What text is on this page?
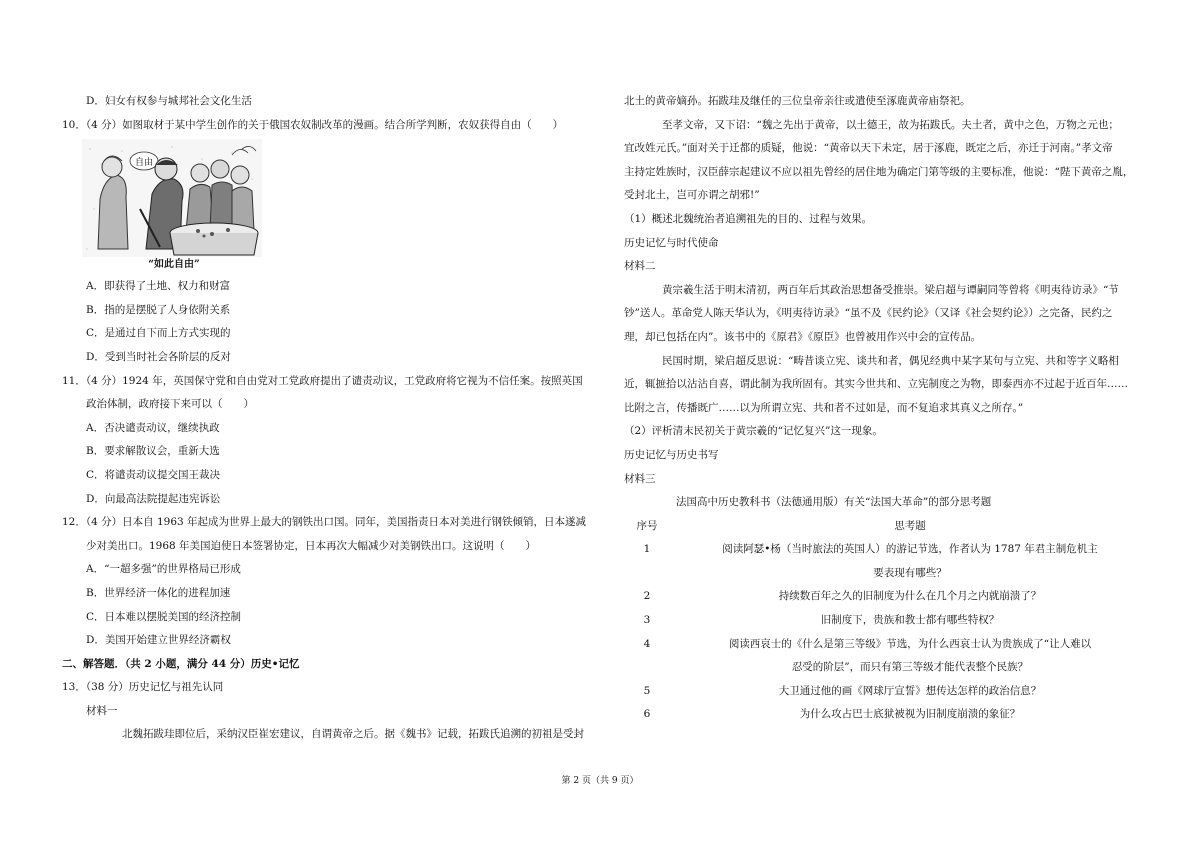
D．妇女有权参与城邦社会文化生活
10．（4 分）如图取材于某中学生创作的关于俄国农奴制改革的漫画。结合所学判断，农奴获得自由（　　）
自由
“如此自由”
A．即获得了土地、权力和财富
B．指的是摆脱了人身依附关系
C．是通过自下而上方式实现的
D．受到当时社会各阶层的反对
11．（4 分）1924 年，英国保守党和自由党对工党政府提出了谴责动议，工党政府将它视为不信任案。按照英国
政治体制，政府接下来可以（　　）
A．否决谴责动议，继续执政
B．要求解散议会，重新大选
C．将谴责动议提交国王裁决
D．向最高法院提起违宪诉讼
12．（4 分）日本自 1963 年起成为世界上最大的钢铁出口国。同年，美国指责日本对美进行钢铁倾销，日本遂减
少对美出口。1968 年美国迫使日本签署协定，日本再次大幅减少对美钢铁出口。这说明（　　）
A．“一超多强”的世界格局已形成
B．世界经济一体化的进程加速
C．日本难以摆脱美国的经济控制
D．美国开始建立世界经济霸权
二、解答题．（共 2 小题，满分 44 分）历史•记忆
13．（38 分）历史记忆与祖先认同
材料一
北魏拓跋珪即位后，采纳汉臣崔宏建议，自谓黄帝之后。据《魏书》记载，拓跋氏追溯的初祖是受封
北土的黄帝嫡孙。拓跋珪及继任的三位皇帝亲往或遣使至涿鹿黄帝庙祭祀。
至孝文帝，又下诏：“魏之先出于黄帝，以土德王，故为拓跋氏。夫土者，黄中之色，万物之元也；
宜改姓元氏。”面对关于迁都的质疑，他说：“黄帝以天下未定，居于涿鹿，既定之后，亦迁于河南。”孝文帝
主持定姓族时，汉臣薛宗起建议不应以祖先曾经的居住地为确定门第等级的主要标准，他说：“陛下黄帝之胤，
受封北土，岂可亦谓之胡邪!”
（1）概述北魏统治者追溯祖先的目的、过程与效果。
历史记忆与时代使命
材料二
黄宗羲生活于明末清初，两百年后其政治思想备受推崇。梁启超与谭嗣同等曾将《明夷待访录》“节
钞”送人。革命党人陈天华认为，《明夷待访录》“虽不及《民约论》（又译《社会契约论》）之完备，民约之
理，却已包括在内”。该书中的《原君》《原臣》也曾被用作兴中会的宣传品。
民国时期，梁启超反思说：“畴昔谈立宪、谈共和者，偶见经典中某字某句与立宪、共和等字义略相
近，辄摭拾以沾沾自喜，谓此制为我所固有。其实今世共和、立宪制度之为物，即泰西亦不过起于近百年……
比附之言，传播既广……以为所谓立宪、共和者不过如是，而不复追求其真义之所存。”
（2）评析清末民初关于黄宗羲的“记忆复兴”这一现象。
历史记忆与历史书写
材料三
法国高中历史教科书（法德通用版）有关“法国大革命”的部分思考题
序号	思考题
1	阅读阿瑟•杨（当时旅法的英国人）的游记节选，作者认为 1787 年君主制危机主
要表现有哪些？

2	持续数百年之久的旧制度为什么在几个月之内就崩溃了？
3	旧制度下，贵族和教士都有哪些特权？
4	阅读西哀士的《什么是第三等级》节选，为什么西哀士认为贵族成了“让人难以
忍受的阶层”，而只有第三等级才能代表整个民族？

5	大卫通过他的画《网球厅宣誓》想传达怎样的政治信息？
6	为什么攻占巴士底狱被视为旧制度崩溃的象征？
第 2 页（共 9 页）
